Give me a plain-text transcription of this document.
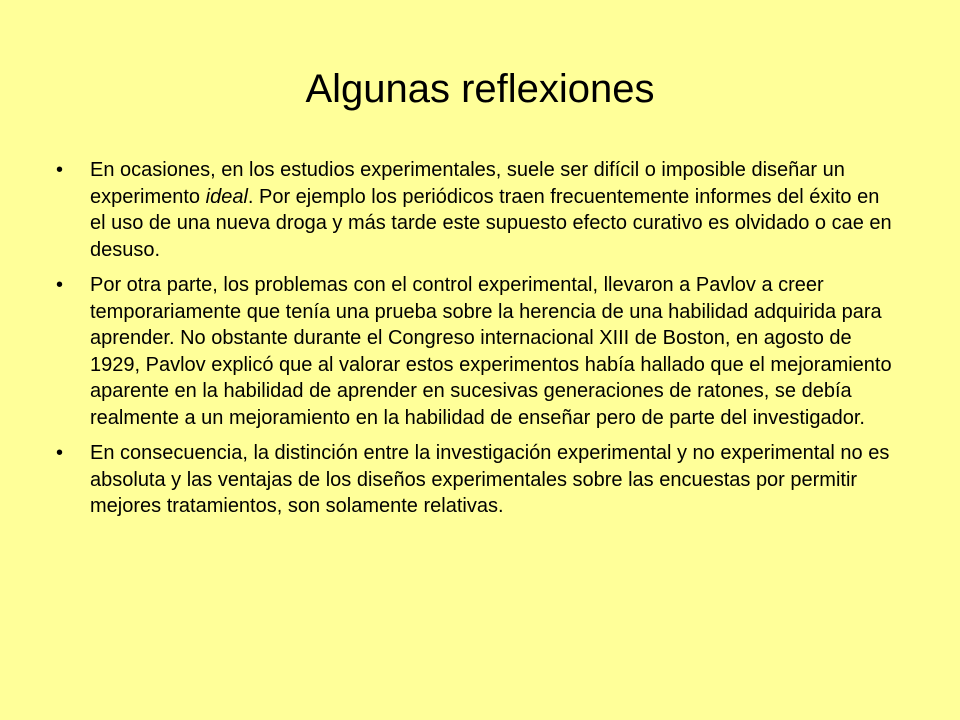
Algunas reflexiones
•	En ocasiones, en los estudios experimentales, suele ser difícil o imposible diseñar un experimento ideal. Por ejemplo los periódicos traen frecuentemente informes del éxito en el uso de una nueva droga y más tarde este supuesto efecto curativo es olvidado o cae en desuso.
•	Por otra parte, los problemas con el control experimental, llevaron a Pavlov a creer temporariamente que tenía una prueba sobre la herencia de una habilidad adquirida para aprender. No obstante durante el Congreso internacional XIII de Boston, en agosto de 1929, Pavlov explicó que al valorar estos experimentos había hallado que el mejoramiento aparente en la habilidad de aprender en sucesivas generaciones de ratones, se debía realmente a un mejoramiento en la habilidad de enseñar pero de parte del investigador.
•	En consecuencia, la distinción entre la investigación experimental y no experimental no es absoluta y las ventajas de los diseños experimentales sobre las encuestas por permitir mejores tratamientos, son solamente relativas.
